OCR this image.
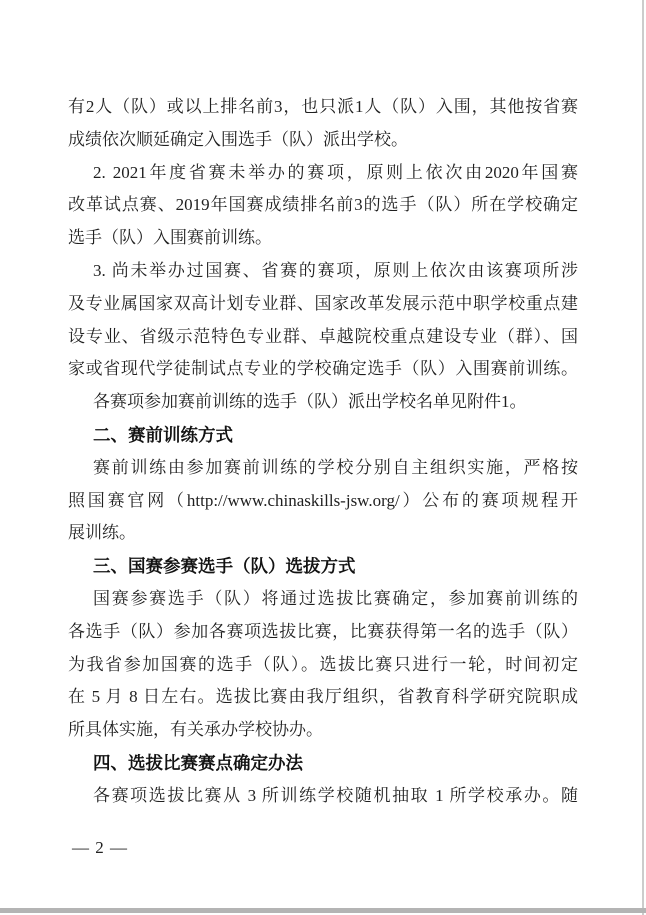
有2人（队）或以上排名前3，也只派1人（队）入围，其他按省赛
成绩依次顺延确定入围选手（队）派出学校。
2. 2021年度省赛未举办的赛项，原则上依次由2020年国赛
改革试点赛、2019年国赛成绩排名前3的选手（队）所在学校确定
选手（队）入围赛前训练。
3. 尚未举办过国赛、省赛的赛项，原则上依次由该赛项所涉
及专业属国家双高计划专业群、国家改革发展示范中职学校重点建
设专业、省级示范特色专业群、卓越院校重点建设专业（群）、国
家或省现代学徒制试点专业的学校确定选手（队）入围赛前训练。
各赛项参加赛前训练的选手（队）派出学校名单见附件1。
二、赛前训练方式
赛前训练由参加赛前训练的学校分别自主组织实施，严格按
照国赛官网（http://www.chinaskills-jsw.org/）公布的赛项规程开
展训练。
三、国赛参赛选手（队）选拔方式
国赛参赛选手（队）将通过选拔比赛确定，参加赛前训练的
各选手（队）参加各赛项选拔比赛，比赛获得第一名的选手（队）
为我省参加国赛的选手（队）。选拔比赛只进行一轮，时间初定
在 5 月 8 日左右。选拔比赛由我厅组织，省教育科学研究院职成
所具体实施，有关承办学校协办。
四、选拔比赛赛点确定办法
各赛项选拔比赛从 3 所训练学校随机抽取 1 所学校承办。随
— 2 —
